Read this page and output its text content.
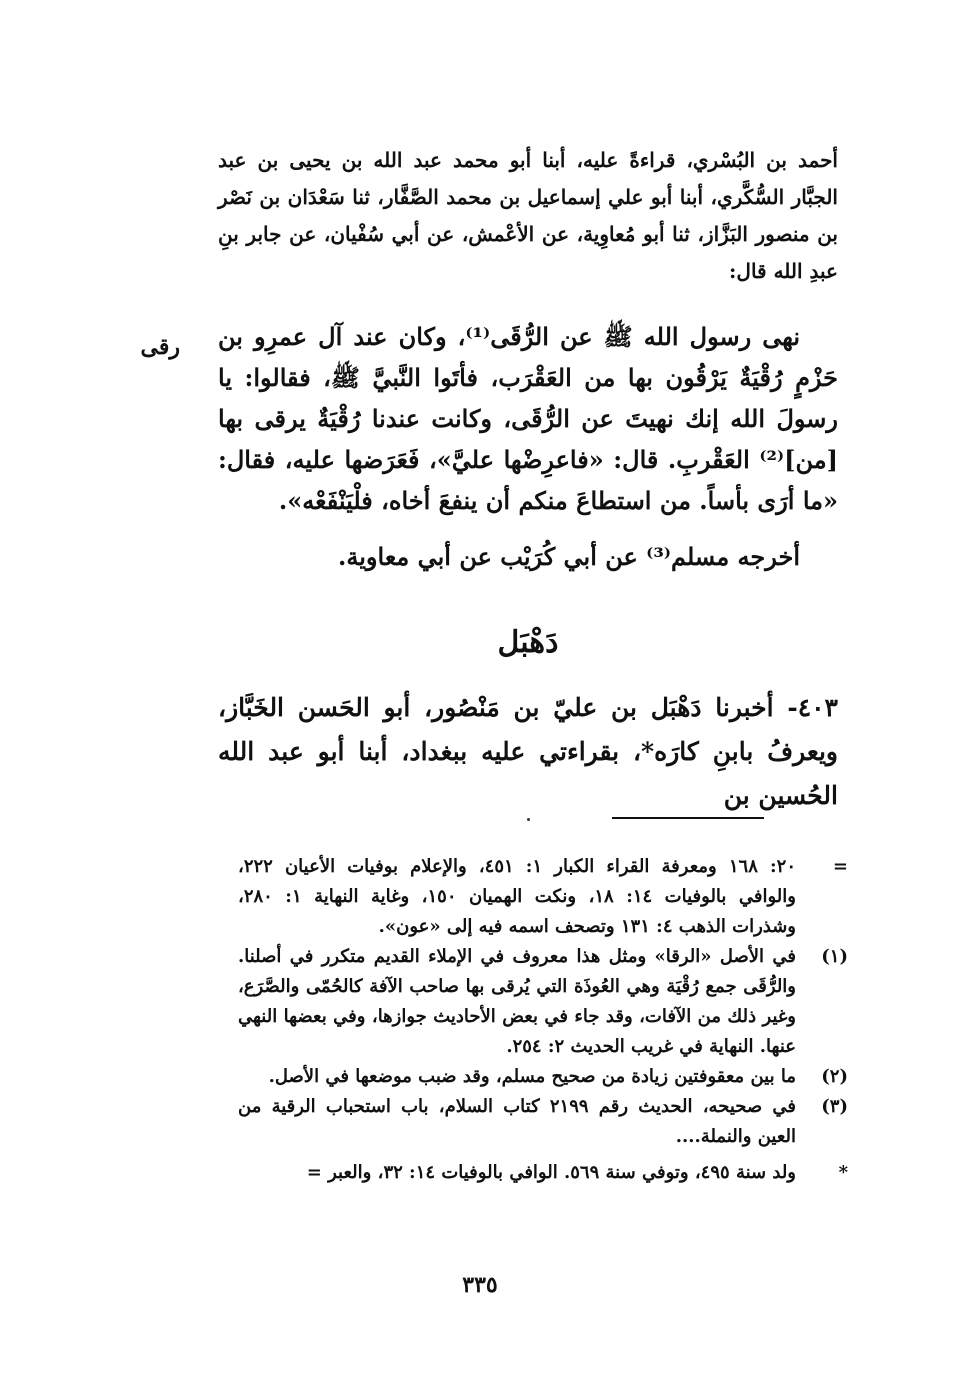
أحمد بن البُسْري، قراءةً عليه، أبنا أبو محمد عبد الله بن يحيى بن عبد الجبَّار السُّكَّري، أبنا أبو علي إسماعيل بن محمد الصَّفَّار، ثنا سَعْدَان بن نَصْر بن منصور البَزَّاز، ثنا أبو مُعاوِية، عن الأعْمش، عن أبي سُفْيان، عن جابر بنِ عبدِ الله قال:
رقى نهى رسول الله ﷺ عن الرُّقَى⁽¹⁾، وكان عند آل عمرِو بن حَزْمٍ رُقْيَةٌ يَرْقُون بها من العَقْرَب، فأتَوا النَّبيَّ ﷺ، فقالوا: يا رسولَ الله إنك نهيتَ عن الرُّقَى، وكانت عندنا رُقْيَةٌ يرقى بها [من]⁽²⁾ العَقْربِ. قال: «فاعرِضْها عليَّ»، فَعَرَضها عليه، فقال: «ما أرَى بأساً. من استطاعَ منكم أن ينفعَ أخاه، فلْيَنْفَعْه».
أخرجه مسلم⁽³⁾ عن أبي كُرَيْب عن أبي معاوية.
دَهْبَل
٤٠٣- أخبرنا دَهْبَل بن عليّ بن مَنْصُور، أبو الحَسن الخَبَّاز، ويعرفُ بابنِ كارَه*، بقراءتي عليه ببغداد، أبنا أبو عبد الله الحُسين بن
=
٢٠: ١٦٨ ومعرفة القراء الكبار ١: ٤٥١، والإعلام بوفيات الأعيان ٢٢٢، والوافي بالوفيات ١٤: ١٨، ونكت الهميان ١٥٠، وغاية النهاية ١: ٢٨٠، وشذرات الذهب ٤: ١٣١ وتصحف اسمه فيه إلى «عون».
(١)
في الأصل «الرقا» ومثل هذا معروف في الإملاء القديم متكرر في أصلنا. والرُّقَى جمع رُقْيَة وهي العُوذَة التي يُرقى بها صاحب الآفة كالحُمّى والصَّرَع، وغير ذلك من الآفات، وقد جاء في بعض الأحاديث جوازها، وفي بعضها النهي عنها. النهاية في غريب الحديث ٢: ٢٥٤.
(٢)
ما بين معقوفتين زيادة من صحيح مسلم، وقد ضبب موضعها في الأصل.
(٣)
في صحيحه، الحديث رقم ٢١٩٩ كتاب السلام، باب استحباب الرقية من العين والنملة....
*
ولد سنة ٤٩٥، وتوفي سنة ٥٦٩. الوافي بالوفيات ١٤: ٣٢، والعبر =
٣٣٥
